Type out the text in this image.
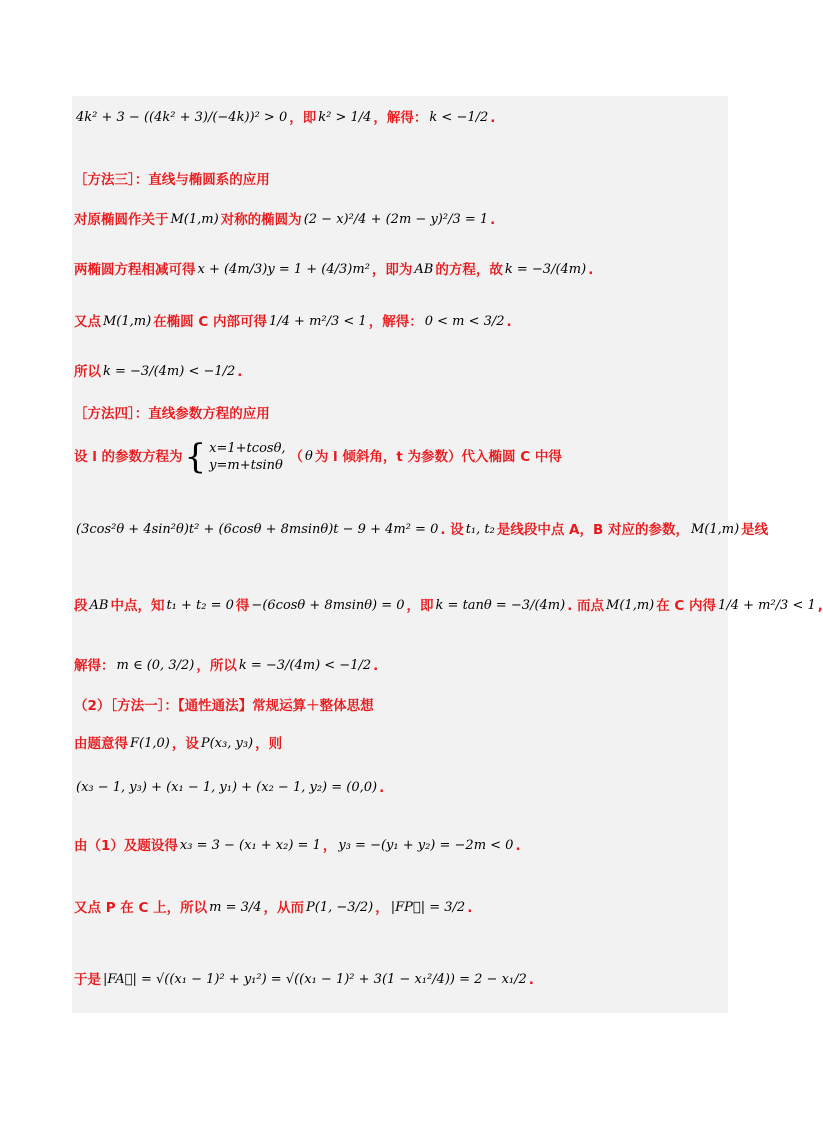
4k² + 3 − ((4k² + 3)/(−4k))² > 0 ，即 k² > 1/4 ，解得： k < −1/2 .
［方法三］：直线与椭圆系的应用
对原椭圆作关于 M(1,m) 对称的椭圆为 (2 − x)²/4 + (2m − y)²/3 = 1 .
两椭圆方程相减可得 x + (4m/3)y = 1 + (4/3)m² ，即为 AB 的方程，故 k = −3/(4m) .
又点 M(1,m) 在椭圆 C 内部可得 1/4 + m²/3 < 1 ，解得： 0 < m < 3/2 .
所以 k = −3/(4m) < −1/2 .
［方法四］：直线参数方程的应用
设 l 的参数方程为 { x=1+tcosθ,
y=m+tsinθ
（ θ 为 l 倾斜角，t 为参数）代入椭圆 C 中得
(3cos²θ + 4sin²θ)t² + (6cosθ + 8msinθ)t − 9 + 4m² = 0 . 设 t₁, t₂ 是线段中点 A，B 对应的参数， M(1,m) 是线
段 AB 中点，知 t₁ + t₂ = 0 得 −(6cosθ + 8msinθ) = 0 ，即 k = tanθ = −3/(4m) . 而点 M(1,m) 在 C 内得 1/4 + m²/3 < 1 ,
解得： m ∈ (0, 3/2) ，所以 k = −3/(4m) < −1/2 .
（2）［方法一］：【通性通法】常规运算＋整体思想
由题意得 F(1,0) ，设 P(x₃, y₃) ，则
(x₃ − 1, y₃) + (x₁ − 1, y₁) + (x₂ − 1, y₂) = (0,0) .
由（1）及题设得 x₃ = 3 − (x₁ + x₂) = 1 ， y₃ = −(y₁ + y₂) = −2m < 0 .
又点 P 在 C 上，所以 m = 3/4 ，从而 P(1, −3/2) ， |FP⃗| = 3/2 .
于是 |FA⃗| = √((x₁ − 1)² + y₁²) = √((x₁ − 1)² + 3(1 − x₁²/4)) = 2 − x₁/2 .
